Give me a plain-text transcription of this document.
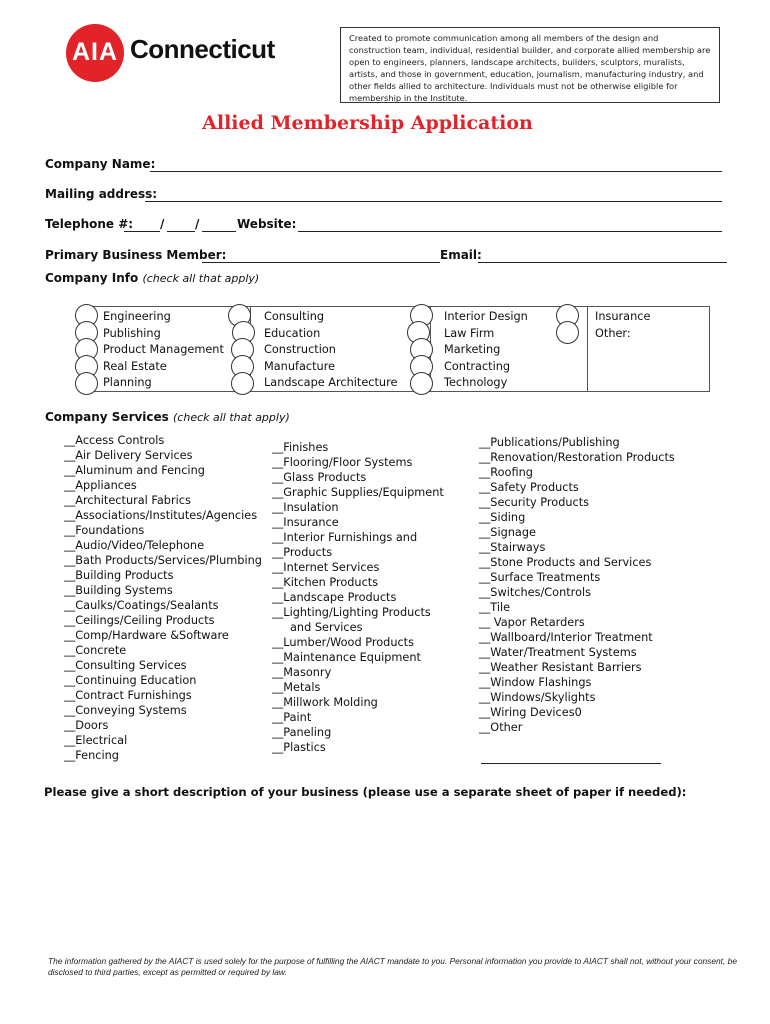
AIA Connecticut	Created to promote communication among all members of the design and construction team, individual, residential builder, and corporate allied membership are open to engineers, planners, landscape architects, builders, sculptors, muralists, artists, and those in government, education, journalism, manufacturing industry, and other fields allied to architecture. Individuals must not be otherwise eligible for membership in the Institute.
Allied Membership Application
Company Name:
Mailing address:
Telephone #: /	/	Website:
Primary Business Member:	Email:
Company Info (check all that apply)
Engineering
Publishing
Product Management
Real Estate
Planning
Consulting
Education
Construction
Manufacture
Landscape Architecture
Interior Design
Law Firm
Marketing
Contracting
Technology
Insurance
Other:
Company Services (check all that apply)
__Access Controls
__Air Delivery Services
__Aluminum and Fencing
__Appliances
__Architectural Fabrics
__Associations/Institutes/Agencies
__Foundations
__Audio/Video/Telephone
__Bath Products/Services/Plumbing
__Building Products
__Building Systems
__Caulks/Coatings/Sealants
__Ceilings/Ceiling Products
__Comp/Hardware &Software
__Concrete
__Consulting Services
__Continuing Education
__Contract Furnishings
__Conveying Systems
__Doors
__Electrical
__Fencing
__Finishes
__Flooring/Floor Systems
__Glass Products
__Graphic Supplies/Equipment
__Insulation
__Insurance
__Interior Furnishings and
__Products
__Internet Services
__Kitchen Products
__Landscape Products
__Lighting/Lighting Products
and Services
__Lumber/Wood Products
__Maintenance Equipment
__Masonry
__Metals
__Millwork Molding
__Paint
__Paneling
__Plastics
__Publications/Publishing
__Renovation/Restoration Products
__Roofing
__Safety Products
__Security Products
__Siding
__Signage
__Stairways
__Stone Products and Services
__Surface Treatments
__Switches/Controls
__Tile
__ Vapor Retarders
__Wallboard/Interior Treatment
__Water/Treatment Systems
__Weather Resistant Barriers
__Window Flashings
__Windows/Skylights
__Wiring Devices0
__Other
Please give a short description of your business (please use a separate sheet of paper if needed):
The information gathered by the AIACT is used solely for the purpose of fulfilling the AIACT mandate to you. Personal information you provide to AIACT shall not, without your consent, be disclosed to third parties, except as permitted or required by law.
